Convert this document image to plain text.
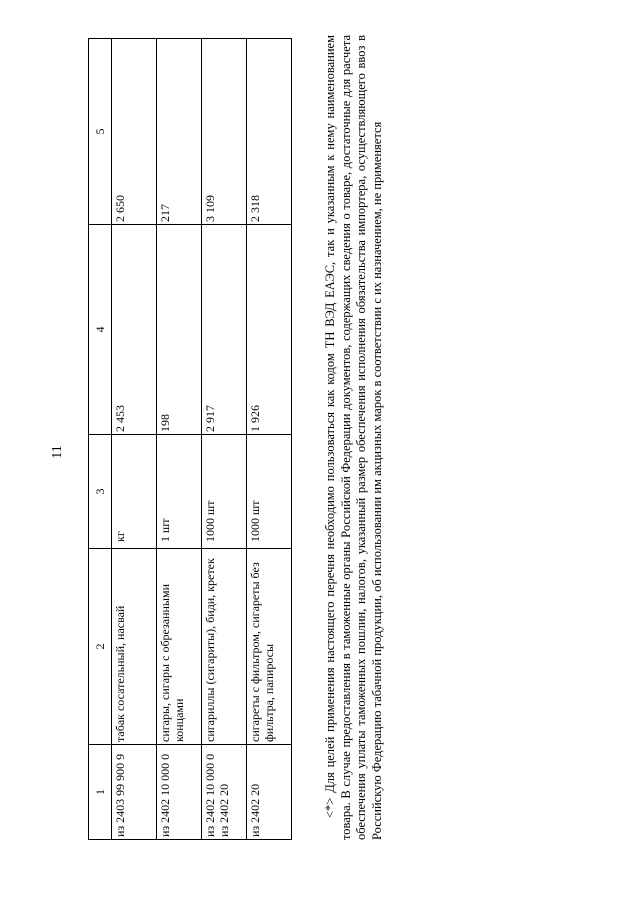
11
1	2	3	4	5
из 2403 99 900 9	табак сосательный, насвай	кг	2 453	2 650
из 2402 10 000 0	сигары, сигары с обрезанными концами	1 шт	198	217
из 2402 10 000 0 из 2402 20	сигариллы (сигариты), биди, кретек	1000 шт	2 917	3 109
из 2402 20	сигареты с фильтром, сигареты без фильтра, папиросы	1000 шт	1 926	2 318	<*> Для целей применения настоящего перечня необходимо пользоваться как кодом ТН ВЭД ЕАЭС, так и указанным к нему наименованием товара. В случае предоставления в таможенные органы Российской Федерации документов, содержащих сведения о товаре, достаточные для расчета обеспечения уплаты таможенных пошлин, налогов, указанный размер обеспечения исполнения обязательства импортера, осуществляющего ввоз в Российскую Федерацию табачной продукции, об использовании им акцизных марок в соответствии с их назначением, не применяется
